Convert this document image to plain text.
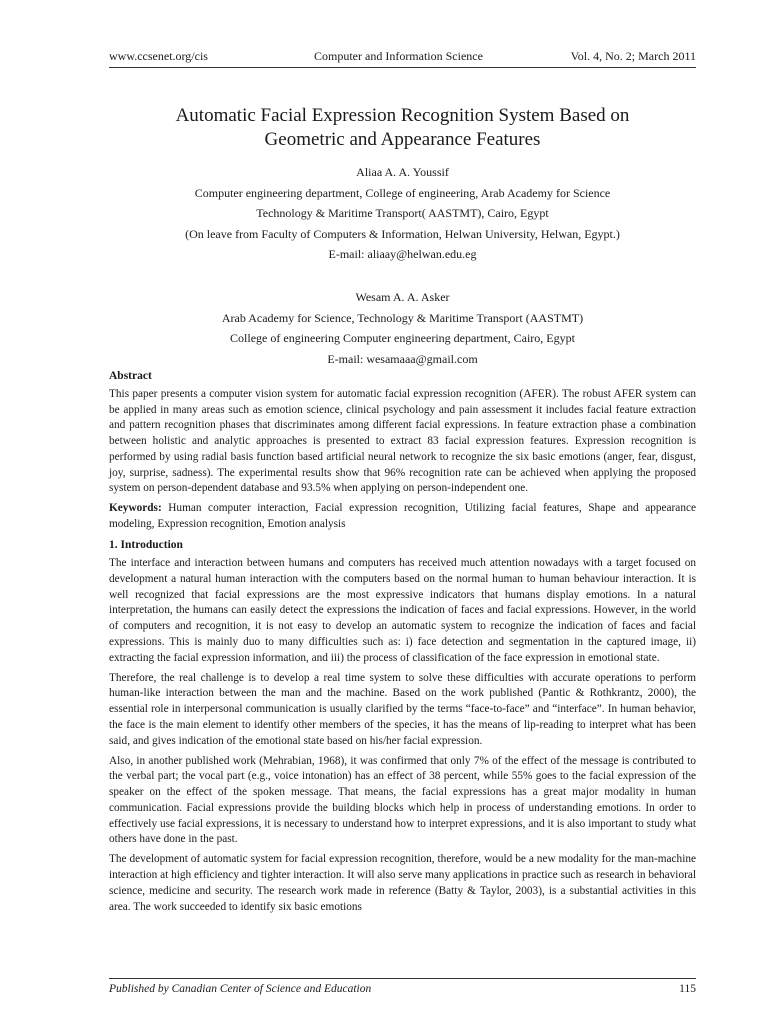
www.ccsenet.org/cis	Computer and Information Science	Vol. 4, No. 2; March 2011
Automatic Facial Expression Recognition System Based on
Geometric and Appearance Features
Aliaa A. A. Youssif
Computer engineering department, College of engineering, Arab Academy for Science
Technology & Maritime Transport( AASTMT), Cairo, Egypt
(On leave from Faculty of Computers & Information, Helwan University, Helwan, Egypt.)
E-mail: aliaay@helwan.edu.eg
Wesam A. A. Asker
Arab Academy for Science, Technology & Maritime Transport (AASTMT)
College of engineering Computer engineering department, Cairo, Egypt
E-mail: wesamaaa@gmail.com
Abstract

This paper presents a computer vision system for automatic facial expression recognition (AFER). The robust AFER system can be applied in many areas such as emotion science, clinical psychology and pain assessment it includes facial feature extraction and pattern recognition phases that discriminates among different facial expressions. In feature extraction phase a combination between holistic and analytic approaches is presented to extract 83 facial expression features. Expression recognition is performed by using radial basis function based artificial neural network to recognize the six basic emotions (anger, fear, disgust, joy, surprise, sadness). The experimental results show that 96% recognition rate can be achieved when applying the proposed system on person-dependent database and 93.5% when applying on person-independent one.

Keywords: Human computer interaction, Facial expression recognition, Utilizing facial features, Shape and appearance modeling, Expression recognition, Emotion analysis

1. Introduction

The interface and interaction between humans and computers has received much attention nowadays with a target focused on development a natural human interaction with the computers based on the normal human to human behaviour interaction. It is well recognized that facial expressions are the most expressive indicators that humans display emotions. In a natural interpretation, the humans can easily detect the expressions the indication of faces and facial expressions. However, in the world of computers and recognition, it is not easy to develop an automatic system to recognize the indication of faces and facial expressions. This is mainly duo to many difficulties such as: i) face detection and segmentation in the captured image, ii) extracting the facial expression information, and iii) the process of classification of the face expression in emotional state.

Therefore, the real challenge is to develop a real time system to solve these difficulties with accurate operations to perform human-like interaction between the man and the machine. Based on the work published (Pantic & Rothkrantz, 2000), the essential role in interpersonal communication is usually clarified by the terms “face-to-face” and “interface”. In human behavior, the face is the main element to identify other members of the species, it has the means of lip-reading to interpret what has been said, and gives indication of the emotional state based on his/her facial expression.

Also, in another published work (Mehrabian, 1968), it was confirmed that only 7% of the effect of the message is contributed to the verbal part; the vocal part (e.g., voice intonation) has an effect of 38 percent, while 55% goes to the facial expression of the speaker on the effect of the spoken message. That means, the facial expressions has a great major modality in human communication. Facial expressions provide the building blocks which help in process of understanding emotions. In order to effectively use facial expressions, it is necessary to understand how to interpret expressions, and it is also important to study what others have done in the past.

The development of automatic system for facial expression recognition, therefore, would be a new modality for the man-machine interaction at high efficiency and tighter interaction. It will also serve many applications in practice such as research in behavioral science, medicine and security. The research work made in reference (Batty & Taylor, 2003), is a substantial activities in this area. The work succeeded to identify six basic emotions

Published by Canadian Center of Science and Education	115
